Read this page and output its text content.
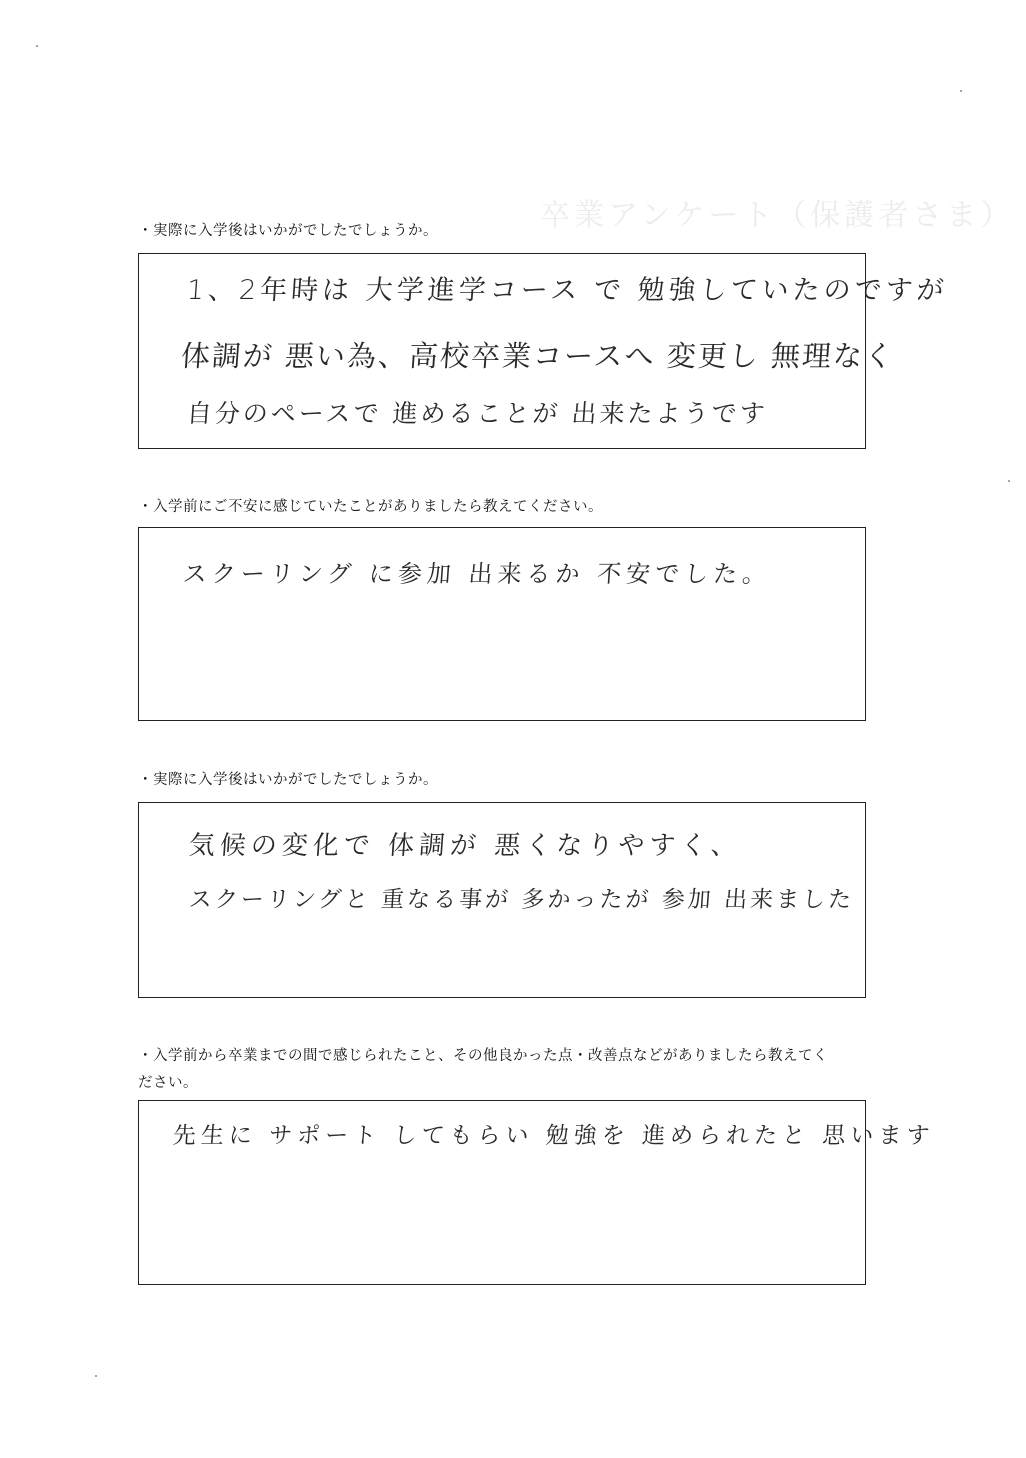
卒業アンケート（保護者さま）
・実際に入学後はいかがでしたでしょうか。
1、2年時は 大学進学コース で 勉強していたのですが
体調が 悪い為、高校卒業コースへ 変更し 無理なく
自分のペースで 進めることが 出来たようです
・入学前にご不安に感じていたことがありましたら教えてください。
スクーリング に参加 出来るか 不安でした。
・実際に入学後はいかがでしたでしょうか。
気候の変化で 体調が 悪くなりやすく、
スクーリングと 重なる事が 多かったが 参加 出来ました
・入学前から卒業までの間で感じられたこと、その他良かった点・改善点などがありましたら教えてく
ださい。
先生に サポート してもらい 勉強を 進められたと 思います
